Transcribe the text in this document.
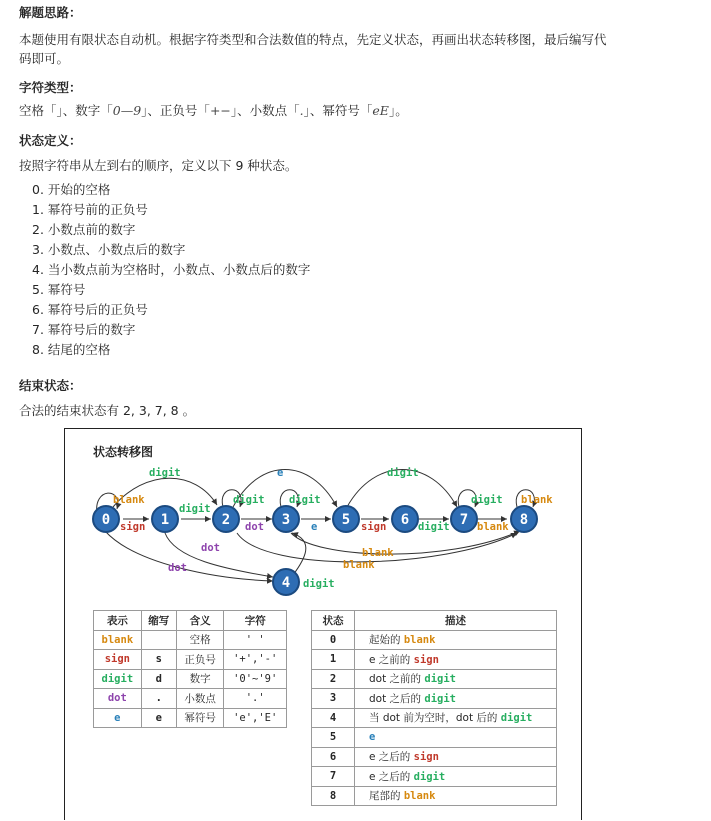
解题思路：
本题使用有限状态自动机。根据字符类型和合法数值的特点，先定义状态，再画出状态转移图，最后编写代
码即可。
字符类型：
空格「」、数字「0—9」、正负号「+−」、小数点「.」、幂符号「eE」。
状态定义：
按照字符串从左到右的顺序，定义以下 9 种状态。
0. 开始的空格
1. 幂符号前的正负号
2. 小数点前的数字
3. 小数点、小数点后的数字
4. 当小数点前为空格时，小数点、小数点后的数字
5. 幂符号
6. 幂符号后的正负号
7. 幂符号后的数字
8. 结尾的空格
结束状态：
合法的结束状态有 2, 3, 7, 8 。
状态转移图
blank
sign
digit
digit
digit
dot
e
digit
e	sign
digit
digit
digit
blank
blank
dot
dot
digit
blank
blank
0	1	2	3	5	6	7	8
4
表示	缩写	含义	字符
blank		空格	' '
sign	s	正负号	'+','-'
digit	d	数字	'0'~'9'
dot	.	小数点	'.'
e	e	幂符号	'e','E'
状态	描述
0	起始的 blank
1	e 之前的 sign
2	dot 之前的 digit
3	dot 之后的 digit
4	当 dot 前为空时，dot 后的 digit
5	e
6	e 之后的 sign
7	e 之后的 digit
8	尾部的 blank
